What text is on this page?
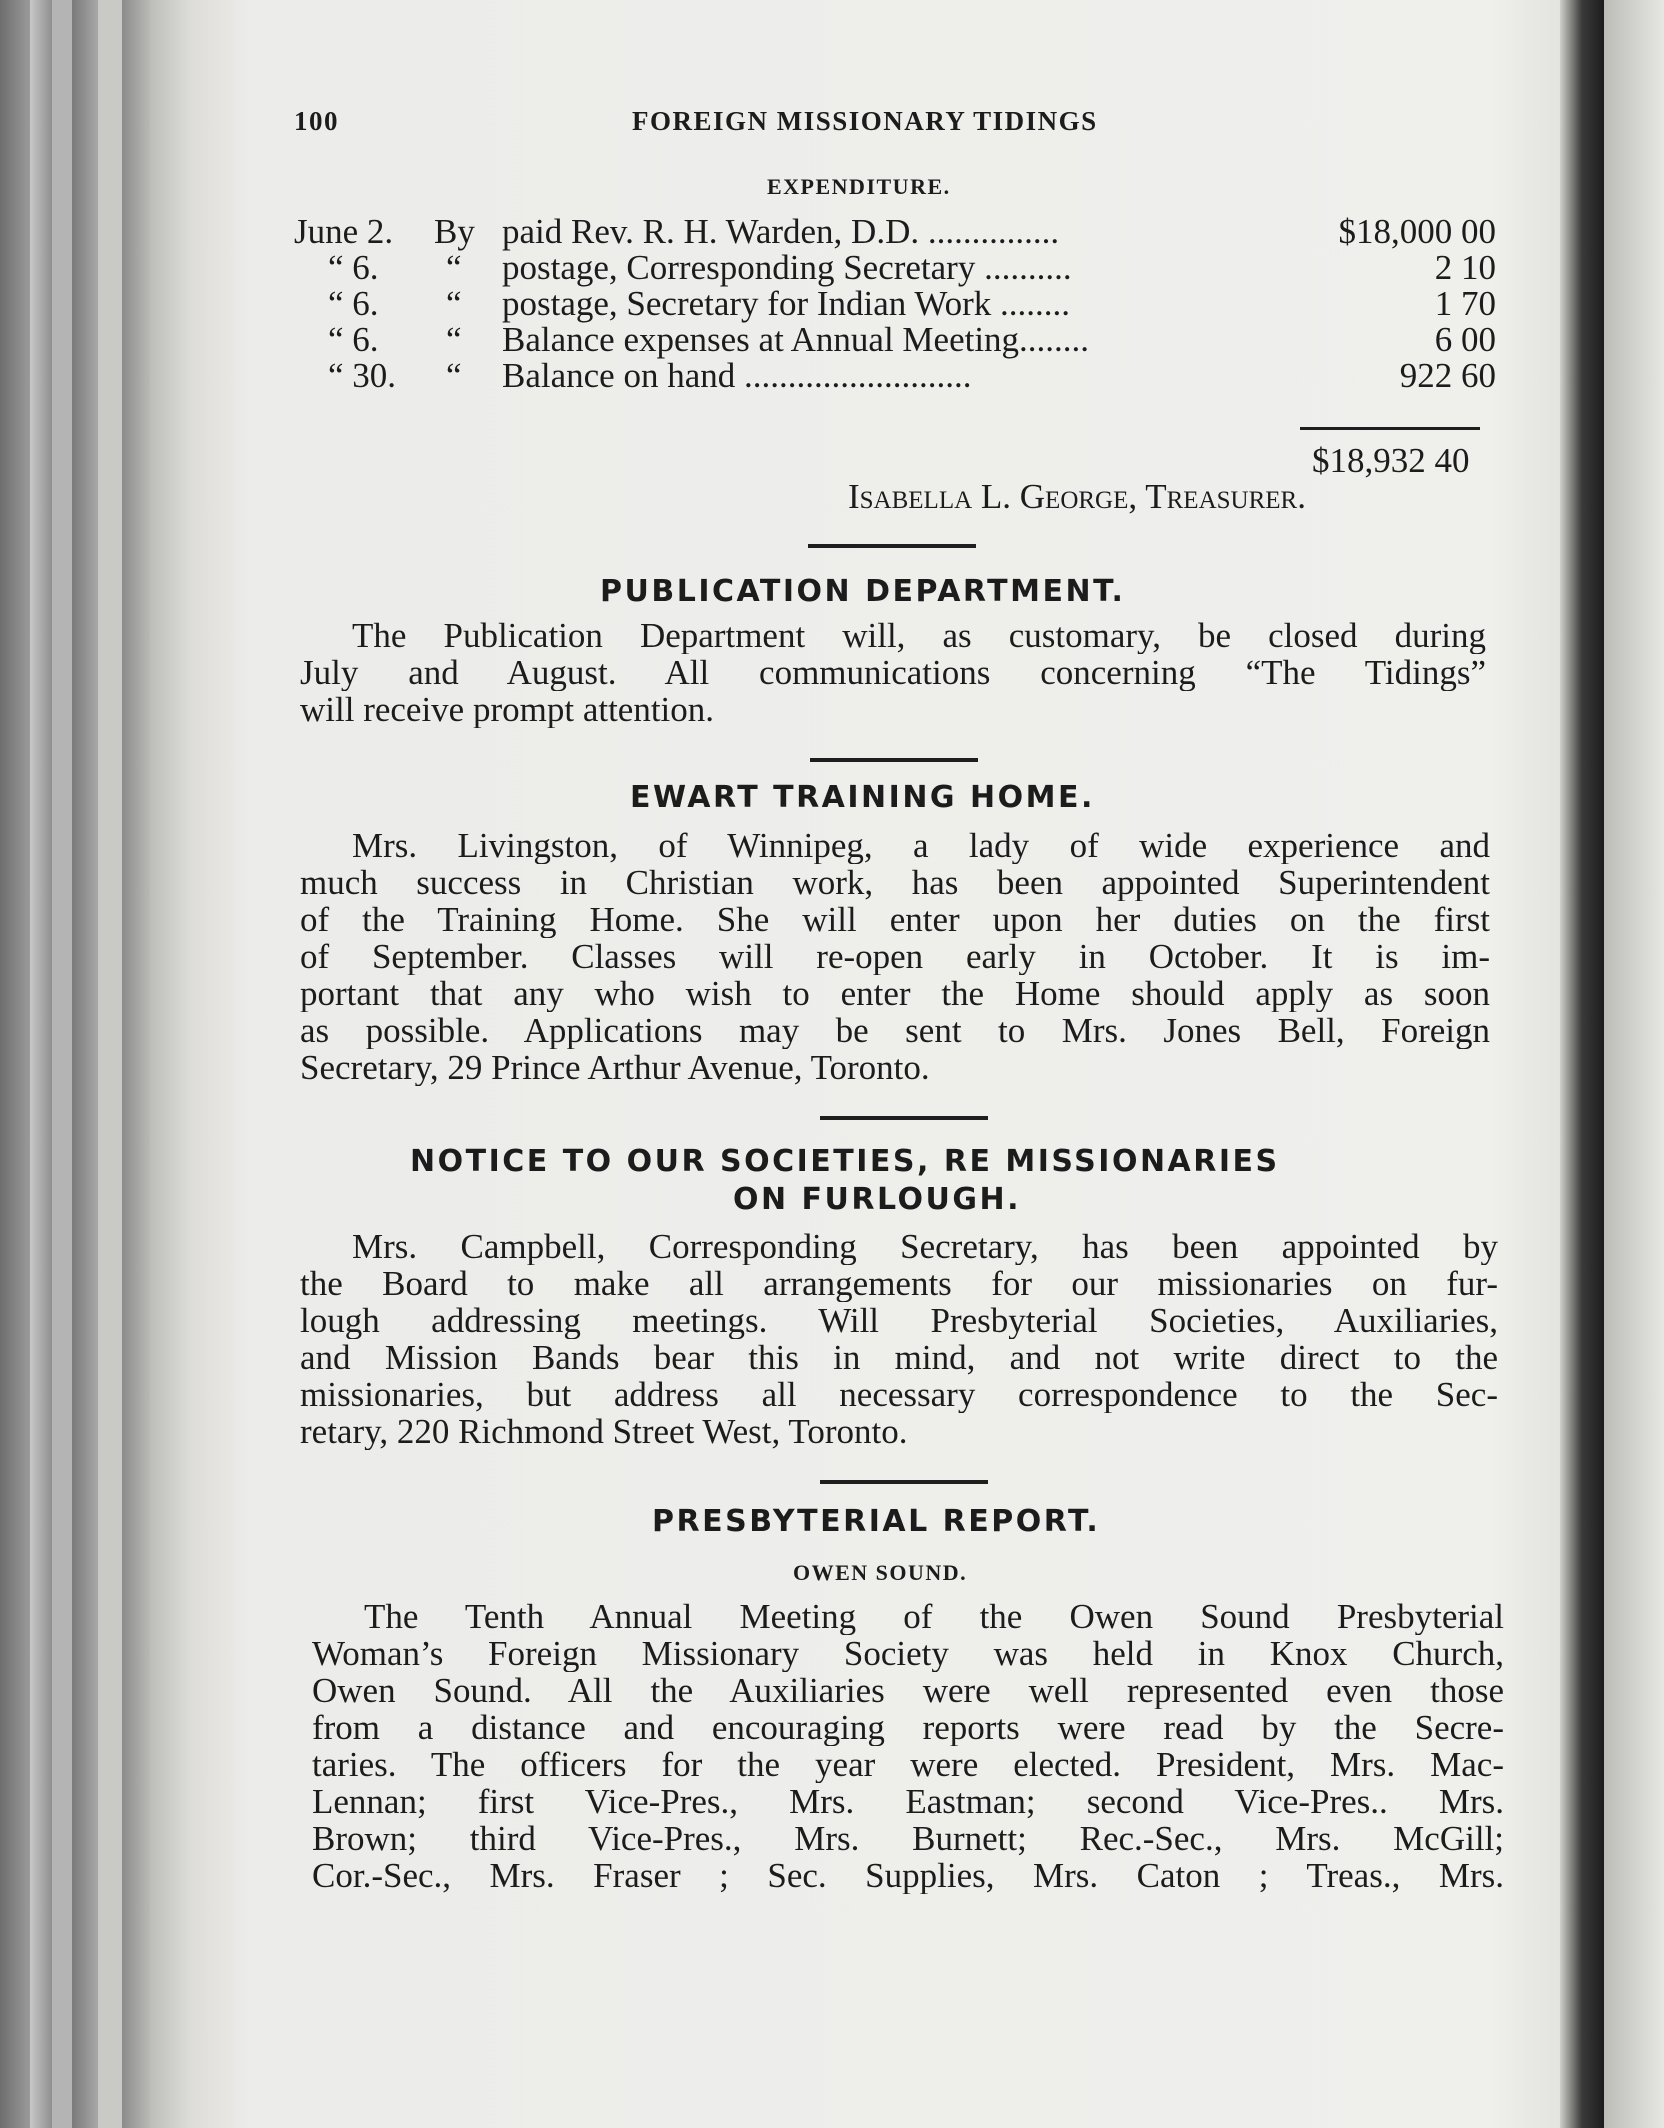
100	FOREIGN MISSIONARY TIDINGS
EXPENDITURE.
June 2.	By paid Rev. R. H. Warden, D.D. ...............	$18,000 00
“ 6.	“	postage, Corresponding Secretary ..........	2 10
“ 6.	“	postage, Secretary for Indian Work ........	1 70
“ 6.	“	Balance expenses at Annual Meeting........	6 00
“ 30.	“	Balance on hand ..........................	922 60
$18,932 40
Isabella L. George, Treasurer.
PUBLICATION DEPARTMENT.
The Publication Department will, as customary, be closed during
July and August. All communications concerning “The Tidings”
will receive prompt attention.
EWART TRAINING HOME.
Mrs. Livingston, of Winnipeg, a lady of wide experience and
much success in Christian work, has been appointed Superintendent
of the Training Home. She will enter upon her duties on the first
of September. Classes will re-open early in October. It is im-
portant that any who wish to enter the Home should apply as soon
as possible. Applications may be sent to Mrs. Jones Bell, Foreign
Secretary, 29 Prince Arthur Avenue, Toronto.
NOTICE TO OUR SOCIETIES, RE MISSIONARIES
ON FURLOUGH.
Mrs. Campbell, Corresponding Secretary, has been appointed by
the Board to make all arrangements for our missionaries on fur-
lough addressing meetings. Will Presbyterial Societies, Auxiliaries,
and Mission Bands bear this in mind, and not write direct to the
missionaries, but address all necessary correspondence to the Sec-
retary, 220 Richmond Street West, Toronto.
PRESBYTERIAL REPORT.
OWEN SOUND.
The Tenth Annual Meeting of the Owen Sound Presbyterial
Woman’s Foreign Missionary Society was held in Knox Church,
Owen Sound. All the Auxiliaries were well represented even those
from a distance and encouraging reports were read by the Secre-
taries. The officers for the year were elected. President, Mrs. Mac-
Lennan; first Vice-Pres., Mrs. Eastman; second Vice-Pres.. Mrs.
Brown; third Vice-Pres., Mrs. Burnett; Rec.-Sec., Mrs. McGill;
Cor.-Sec., Mrs. Fraser ; Sec. Supplies, Mrs. Caton ; Treas., Mrs.
